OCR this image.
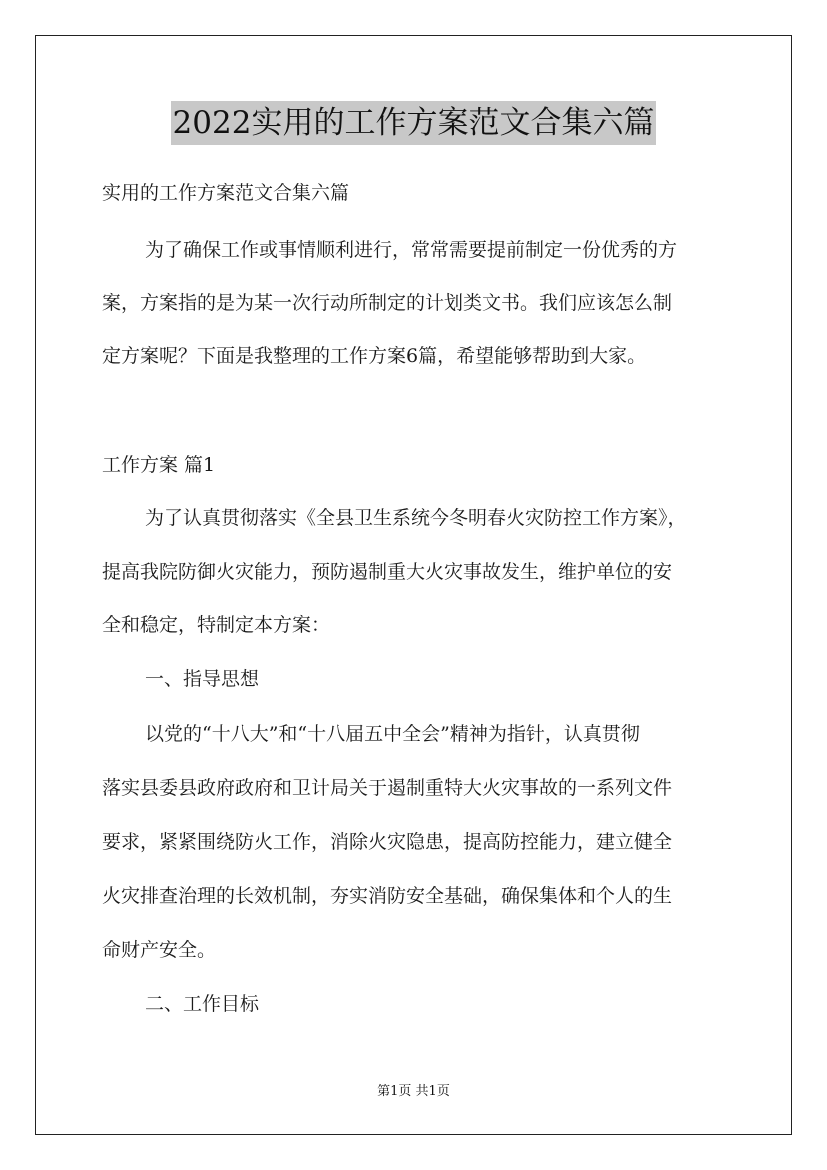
2022实用的工作方案范文合集六篇
实用的工作方案范文合集六篇
为了确保工作或事情顺利进行，常常需要提前制定一份优秀的方
案，方案指的是为某一次行动所制定的计划类文书。我们应该怎么制
定方案呢？下面是我整理的工作方案6篇，希望能够帮助到大家。
工作方案 篇1
为了认真贯彻落实《全县卫生系统今冬明春火灾防控工作方案》，
提高我院防御火灾能力，预防遏制重大火灾事故发生，维护单位的安
全和稳定，特制定本方案：
一、指导思想
以党的“十八大”和“十八届五中全会”精神为指针，认真贯彻
落实县委县政府政府和卫计局关于遏制重特大火灾事故的一系列文件
要求，紧紧围绕防火工作，消除火灾隐患，提高防控能力，建立健全
火灾排查治理的长效机制，夯实消防安全基础，确保集体和个人的生
命财产安全。
二、工作目标
第1页 共1页
